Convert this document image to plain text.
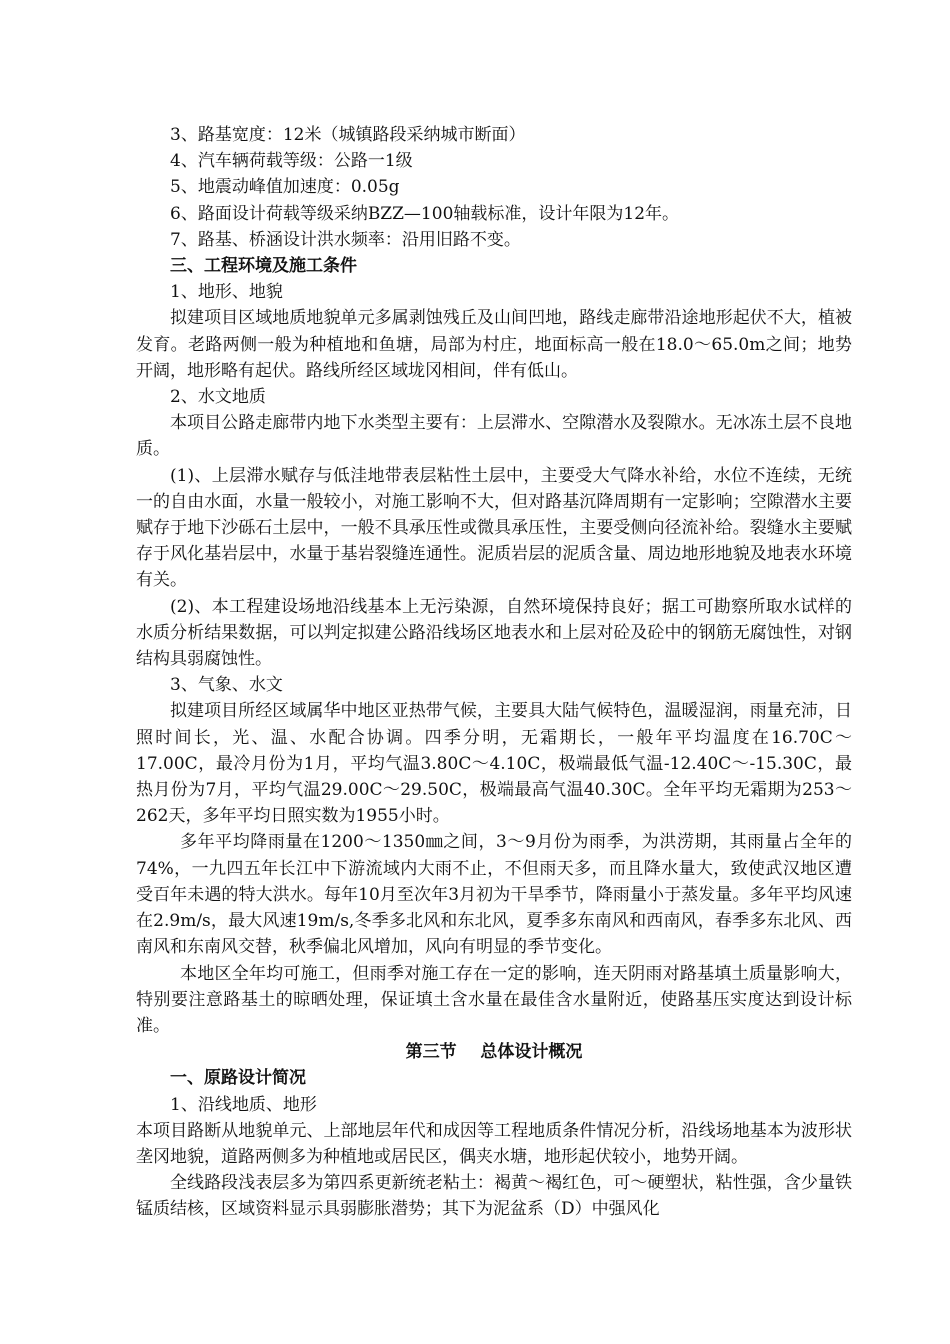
3、路基宽度：12米（城镇路段采纳城市断面）

4、汽车辆荷载等级：公路一1级

5、地震动峰值加速度：0.05g

6、路面设计荷载等级采纳BZZ—100轴载标准，设计年限为12年。

7、路基、桥涵设计洪水频率：沿用旧路不变。

三、工程环境及施工条件

1、地形、地貌

拟建项目区域地质地貌单元多属剥蚀残丘及山间凹地，路线走廊带沿途地形起伏不大，植被发育。老路两侧一般为种植地和鱼塘，局部为村庄，地面标高一般在18.0～65.0m之间；地势开阔，地形略有起伏。路线所经区域垅冈相间，伴有低山。

2、水文地质

本项目公路走廊带内地下水类型主要有：上层滞水、空隙潜水及裂隙水。无冰冻土层不良地质。

(1)、上层滞水赋存与低洼地带表层粘性土层中，主要受大气降水补给，水位不连续，无统一的自由水面，水量一般较小，对施工影响不大，但对路基沉降周期有一定影响；空隙潜水主要赋存于地下沙砾石土层中，一般不具承压性或微具承压性，主要受侧向径流补给。裂缝水主要赋存于风化基岩层中，水量于基岩裂缝连通性。泥质岩层的泥质含量、周边地形地貌及地表水环境有关。

(2)、本工程建设场地沿线基本上无污染源，自然环境保持良好；据工可勘察所取水试样的水质分析结果数据，可以判定拟建公路沿线场区地表水和上层对砼及砼中的钢筋无腐蚀性，对钢结构具弱腐蚀性。

3、气象、水文

拟建项目所经区域属华中地区亚热带气候，主要具大陆气候特色，温暖湿润，雨量充沛，日照时间长，光、温、水配合协调。四季分明，无霜期长，一般年平均温度在16.70C～17.00C，最冷月份为1月，平均气温3.80C～4.10C，极端最低气温-12.40C～-15.30C，最热月份为7月，平均气温29.00C～29.50C，极端最高气温40.30C。全年平均无霜期为253～262天，多年平均日照实数为1955小时。

多年平均降雨量在1200～1350㎜之间，3～9月份为雨季，为洪涝期，其雨量占全年的74%，一九四五年长江中下游流域内大雨不止，不但雨天多，而且降水量大，致使武汉地区遭受百年未遇的特大洪水。每年10月至次年3月初为干旱季节，降雨量小于蒸发量。多年平均风速在2.9m/s，最大风速19m/s,冬季多北风和东北风，夏季多东南风和西南风，春季多东北风、西南风和东南风交替，秋季偏北风增加，风向有明显的季节变化。

本地区全年均可施工，但雨季对施工存在一定的影响，连天阴雨对路基填土质量影响大，特别要注意路基土的晾晒处理，保证填土含水量在最佳含水量附近，使路基压实度达到设计标准。

第三节    总体设计概况

一、原路设计简况

1、沿线地质、地形

本项目路断从地貌单元、上部地层年代和成因等工程地质条件情况分析，沿线场地基本为波形状垄冈地貌，道路两侧多为种植地或居民区，偶夹水塘，地形起伏较小，地势开阔。

全线路段浅表层多为第四系更新统老粘土：褐黄～褐红色，可～硬塑状，粘性强，含少量铁锰质结核，区域资料显示具弱膨胀潜势；其下为泥盆系（D）中强风化
